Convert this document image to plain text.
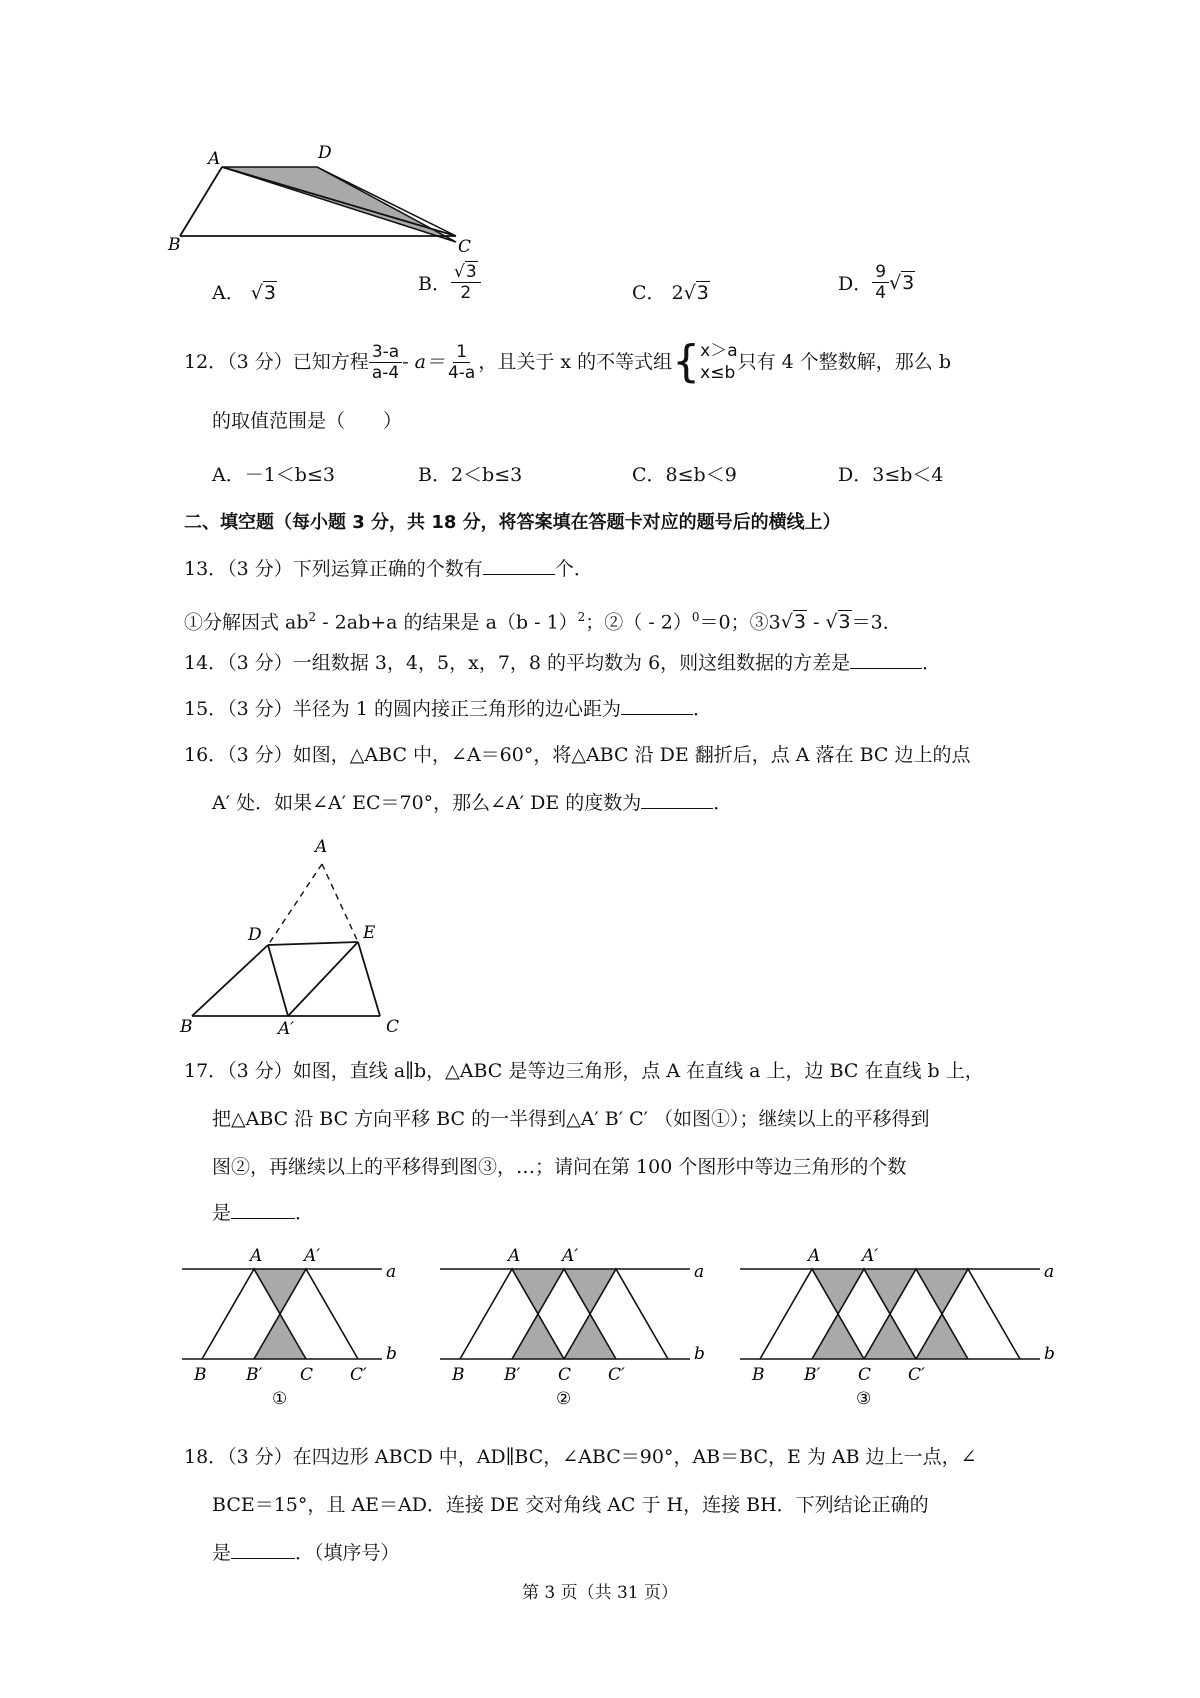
A	D
B	C
A． √3	B． $\frac{√3}{2}$	C． 2√3	D． $\frac{9}{4} √3$
12．（3 分）已知方程 $\frac{3-a}{a-4} - a= \frac{1}{4-a}$ ，且关于 x 的不等式组 { x＞a
x≤b 只有 4 个整数解，那么 b
的取值范围是（　　）
A．－1＜b≤3	B．2＜b≤3	C．8≤b＜9	D．3≤b＜4
二、填空题（每小题 3 分，共 18 分，将答案填在答题卡对应的题号后的横线上）
13．（3 分）下列运算正确的个数有	个．
①分解因式 $ab^2 - 2ab+a$ 的结果是 a（b - 1）$^2$；②（ - 2）$^0$＝0；③3√3 - √3＝3．
14．（3 分）一组数据 3，4，5，x，7，8 的平均数为 6，则这组数据的方差是	．
15．（3 分）半径为 1 的圆内接正三角形的边心距为	．
16．（3 分）如图，△ABC 中，∠A＝60°，将△ABC 沿 DE 翻折后，点 A 落在 BC 边上的点
A′ 处．如果∠A′ EC＝70°，那么∠A′ DE 的度数为	．
A
D	E
B	A′	C
17．（3 分）如图，直线 a∥b，△ABC 是等边三角形，点 A 在直线 a 上，边 BC 在直线 b 上，
把△ABC 沿 BC 方向平移 BC 的一半得到△A′ B′ C′ （如图①）；继续以上的平移得到
图②，再继续以上的平移得到图③，…；请问在第 100 个图形中等边三角形的个数
是	．
A A′
a
b
B B′ C C′
①
A A′
a
b
B B′ C C′
②
A A′
a
b
B B′ C C′
③
18．（3 分）在四边形 ABCD 中，AD∥BC，∠ABC＝90°，AB＝BC，E 为 AB 边上一点，∠
BCE＝15°，且 AE＝AD．连接 DE 交对角线 AC 于 H，连接 BH．下列结论正确的
是	．（填序号）
第 3 页（共 31 页）
